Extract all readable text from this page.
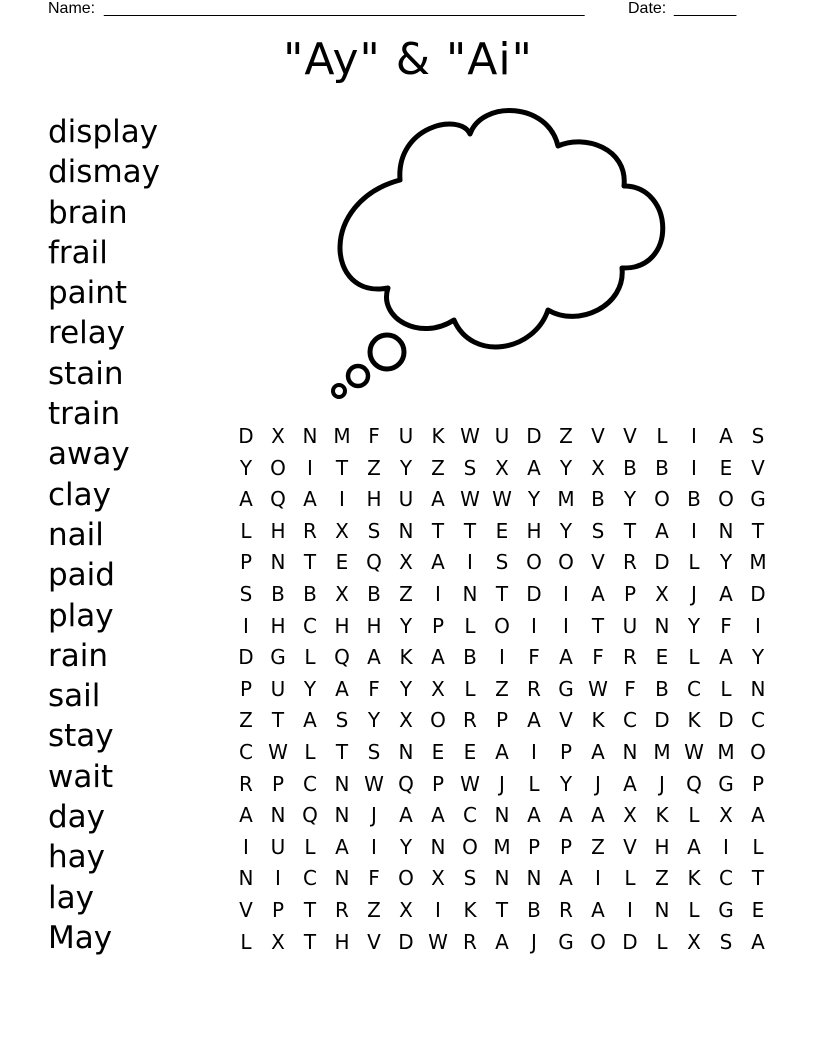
Name: ______________________________________________________	Date: _______
"Ay" & "Ai"
display
dismay
brain
frail
paint
relay
stain
train
away
clay
nail
paid
play
rain
sail
stay
wait
day
hay
lay
May
D X N M F U K W U D Z V V L	I	A S
Y O	I	T Z Y Z S X A Y X B B	I	E V
A Q A	I	H U A W W Y M B Y O B O G
L H R X S N T T E H Y S T A	I	N T
P N T E Q X A	I	S O O V R D L	Y M
S B B X B Z	I	N T D	I	A P X	J	A D
I	H C H H Y P	L O	I	I	T U N Y	F	I
D G L Q A K A B	I	F A F R E	L A Y
P U Y A F	Y X L Z R G W F B C L N
Z T A S Y X O R P A V K C D K D C
C W L	T S N E E A	I	P A N M W M O
R P C N W Q P W J	L	Y	J	A	J	Q G P
A N Q N	J	A A C N A A A X K L X A
I	U L A	I	Y N O M P P Z V H A	I	L
N	I	C N F O X S N N A	I	L Z K C T
V P T R Z X	I	K T B R A	I	N L G E
L X T H V D W R A	J	G O D L X S A
